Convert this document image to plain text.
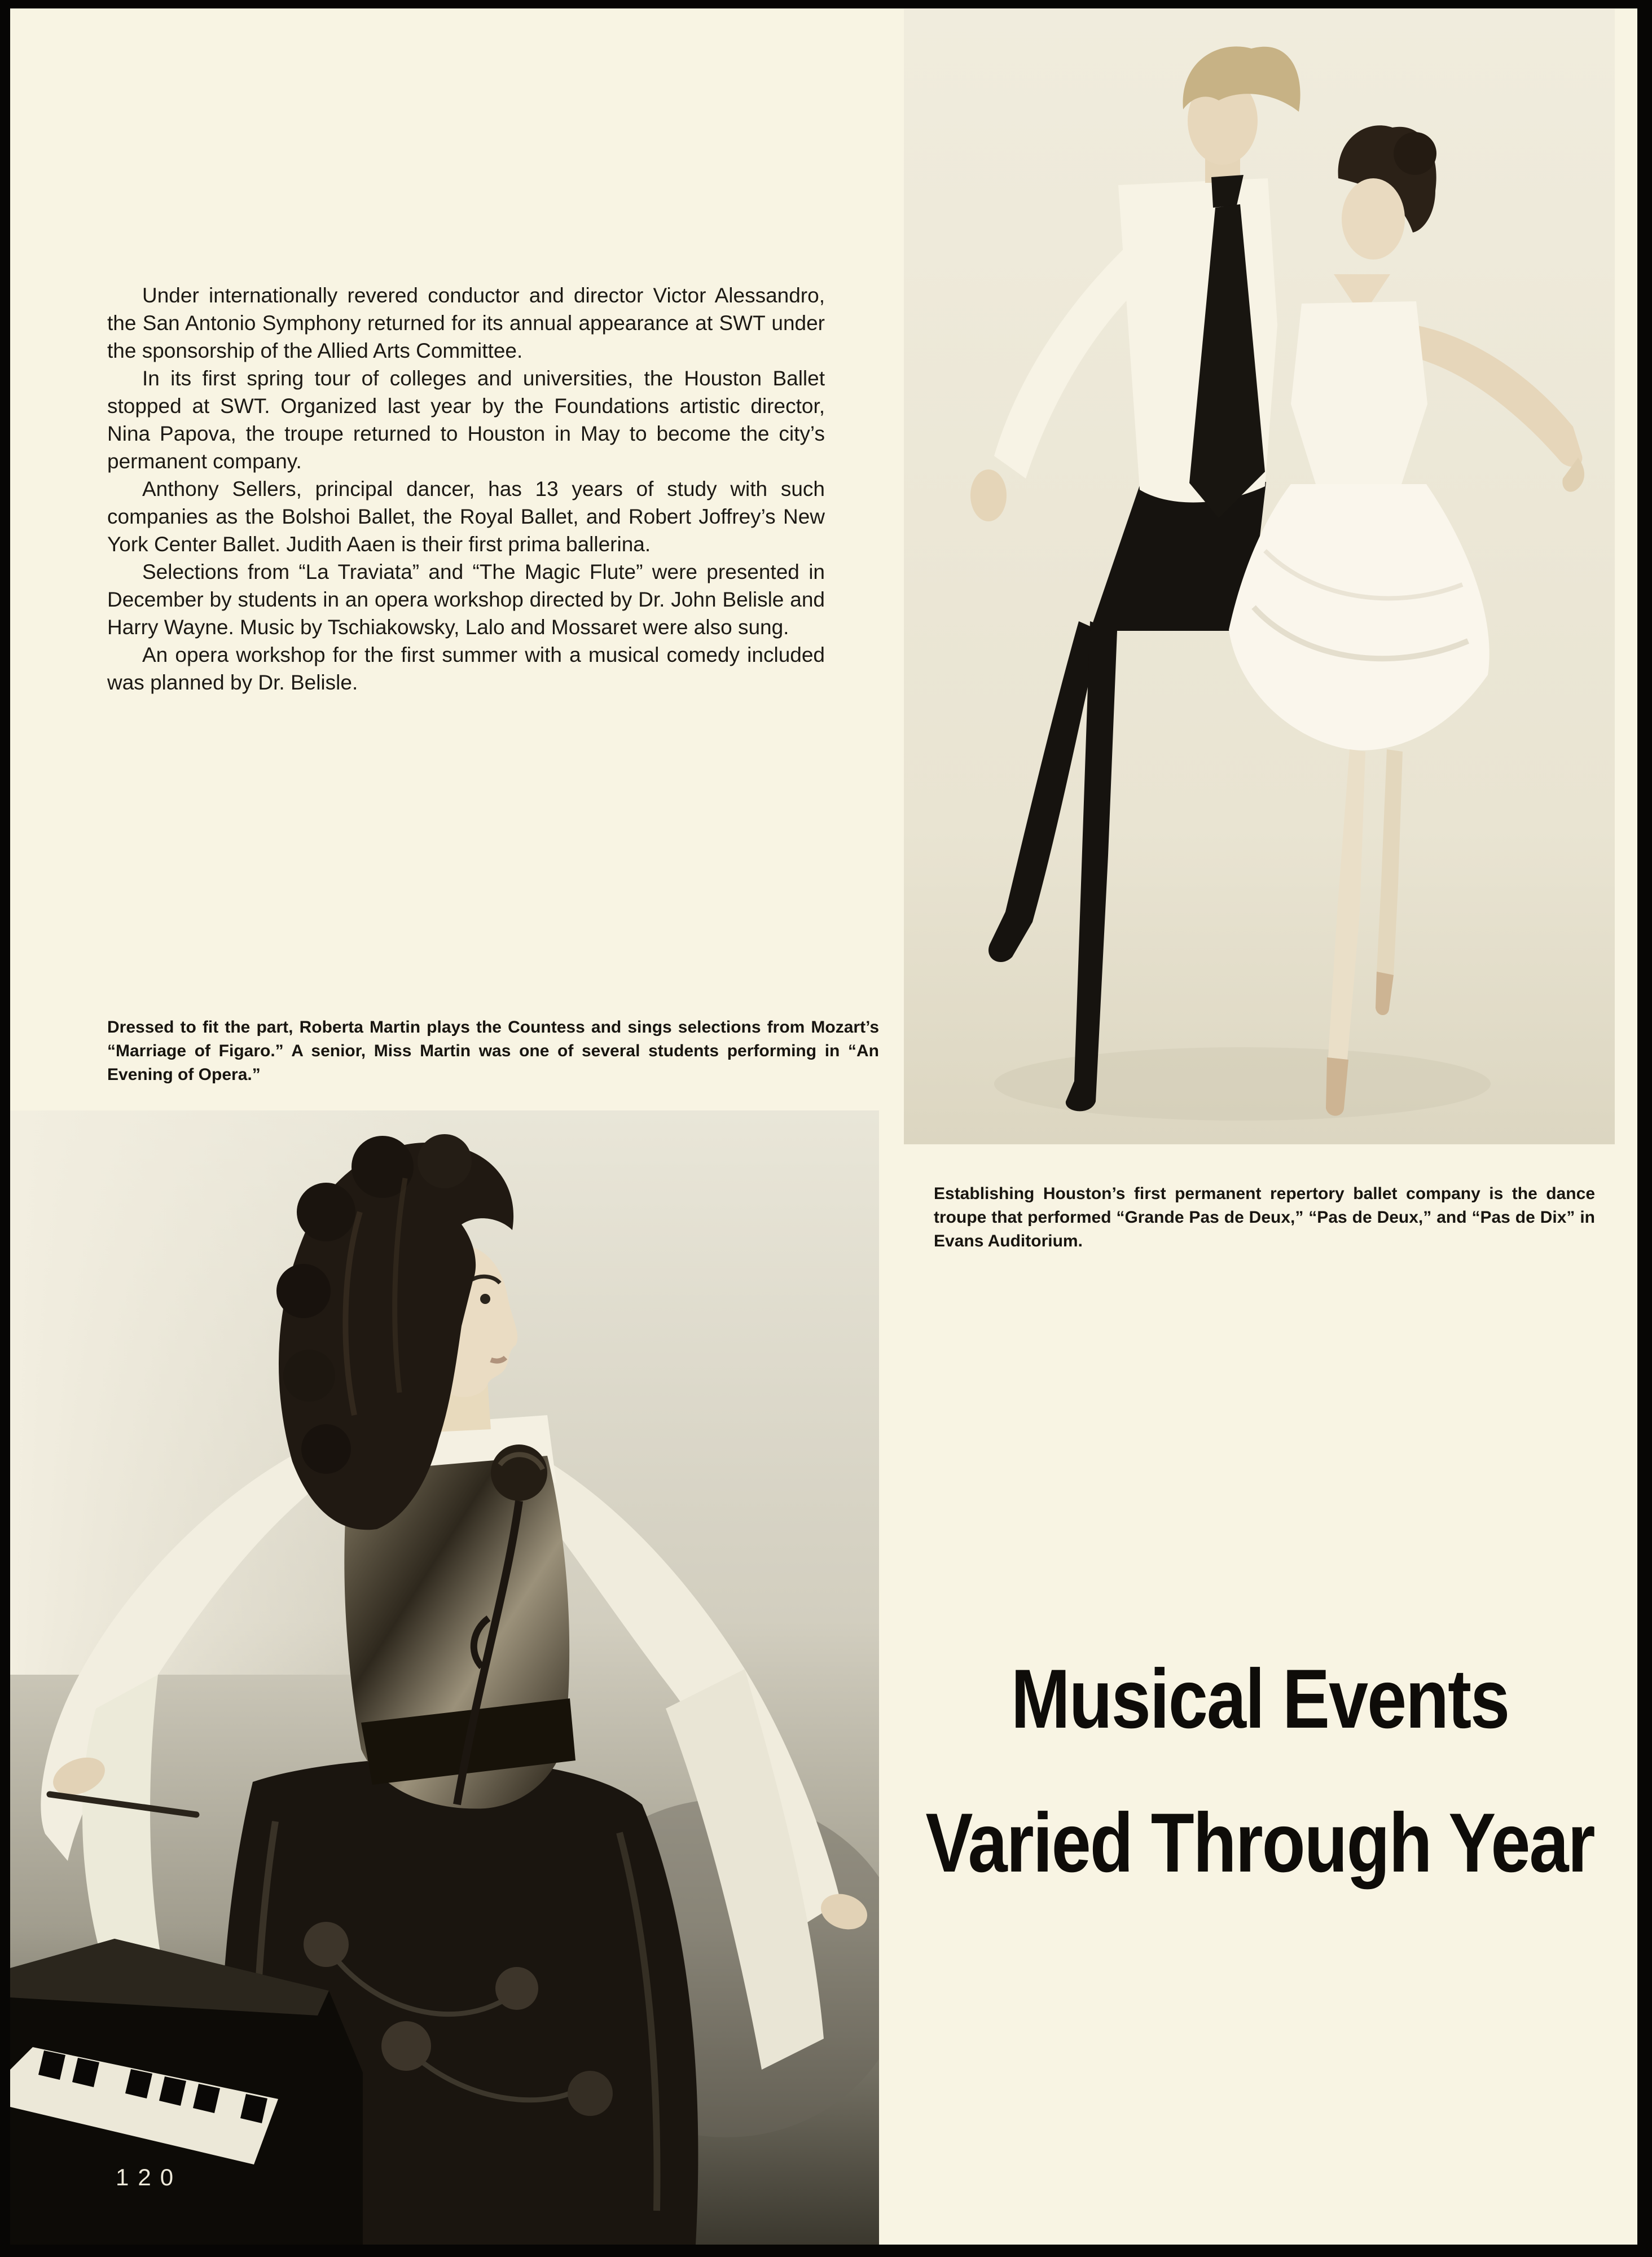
Under internationally revered conductor and director Victor Alessandro, the San Antonio Symphony returned for its annual appearance at SWT under the sponsorship of the Allied Arts Committee.

In its first spring tour of colleges and universities, the Houston Ballet stopped at SWT. Organized last year by the Foundations artistic director, Nina Papova, the troupe returned to Houston in May to become the city’s permanent company.

Anthony Sellers, principal dancer, has 13 years of study with such companies as the Bolshoi Ballet, the Royal Ballet, and Robert Joffrey’s New York Center Ballet. Judith Aaen is their first prima ballerina.

Selections from “La Traviata” and “The Magic Flute” were presented in December by students in an opera workshop directed by Dr. John Belisle and Harry Wayne. Music by Tschiakowsky, Lalo and Mossaret were also sung.

An opera workshop for the first summer with a musical comedy included was planned by Dr. Belisle.

Dressed to fit the part, Roberta Martin plays the Countess and sings selections from Mozart’s “Marriage of Figaro.” A senior, Miss Martin was one of several students performing in “An Evening of Opera.”
Establishing Houston’s first permanent repertory ballet company is the dance troupe that performed “Grande Pas de Deux,” “Pas de Deux,” and “Pas de Dix” in Evans Auditorium.
120
Musical Events
Varied Through Year
